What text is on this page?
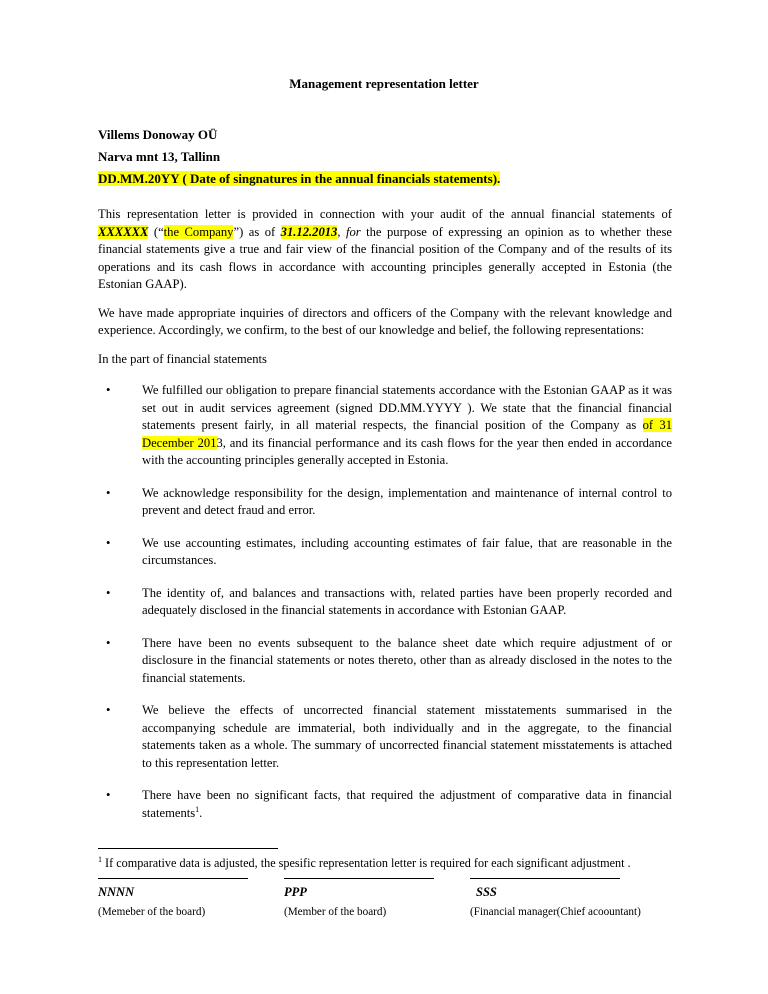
Management representation letter
Villems Donoway OÜ
Narva mnt 13, Tallinn
DD.MM.20YY ( Date of singnatures in the annual financials statements).

This representation letter is provided in connection with your audit of the annual financial statements of XXXXXX (“the Company”) as of 31.12.2013, for the purpose of expressing an opinion as to whether these financial statements give a true and fair view of the financial position of the Company and of the results of its operations and its cash flows in accordance with accounting principles generally accepted in Estonia (the Estonian GAAP).

We have made appropriate inquiries of directors and officers of the Company with the relevant knowledge and experience. Accordingly, we confirm, to the best of our knowledge and belief, the following representations:

In the part of financial statements

•	We fulfilled our obligation to prepare financial statements accordance with the Estonian GAAP as it was set out in audit services agreement (signed DD.MM.YYYY ). We state that the financial financial statements present fairly, in all material respects, the financial position of the Company as of 31 December 2013, and its financial performance and its cash flows for the year then ended in accordance with the accounting principles generally accepted in Estonia.
•	We acknowledge responsibility for the design, implementation and maintenance of internal control to prevent and detect fraud and error.
•	We use accounting estimates, including accounting estimates of fair falue, that are reasonable in the circumstances.
•	The identity of, and balances and transactions with, related parties have been properly recorded and adequately disclosed in the financial statements in accordance with Estonian GAAP.
•	There have been no events subsequent to the balance sheet date which require adjustment of or disclosure in the financial statements or notes thereto, other than as already disclosed in the notes to the financial statements.
•	We believe the effects of uncorrected financial statement misstatements summarised in the accompanying schedule are immaterial, both individually and in the aggregate, to the financial statements taken as a whole. The summary of uncorrected financial statement misstatements is attached to this representation letter.
•	There have been no significant facts, that required the adjustment of comparative data in financial statements$^1$.
$^1$ If comparative data is adjusted, the spesific representation letter is required for each significant adjustment .
NNNN
(Memeber of the board)
PPP
(Member of the board)
SSS
(Financial manager(Chief acoountant)
